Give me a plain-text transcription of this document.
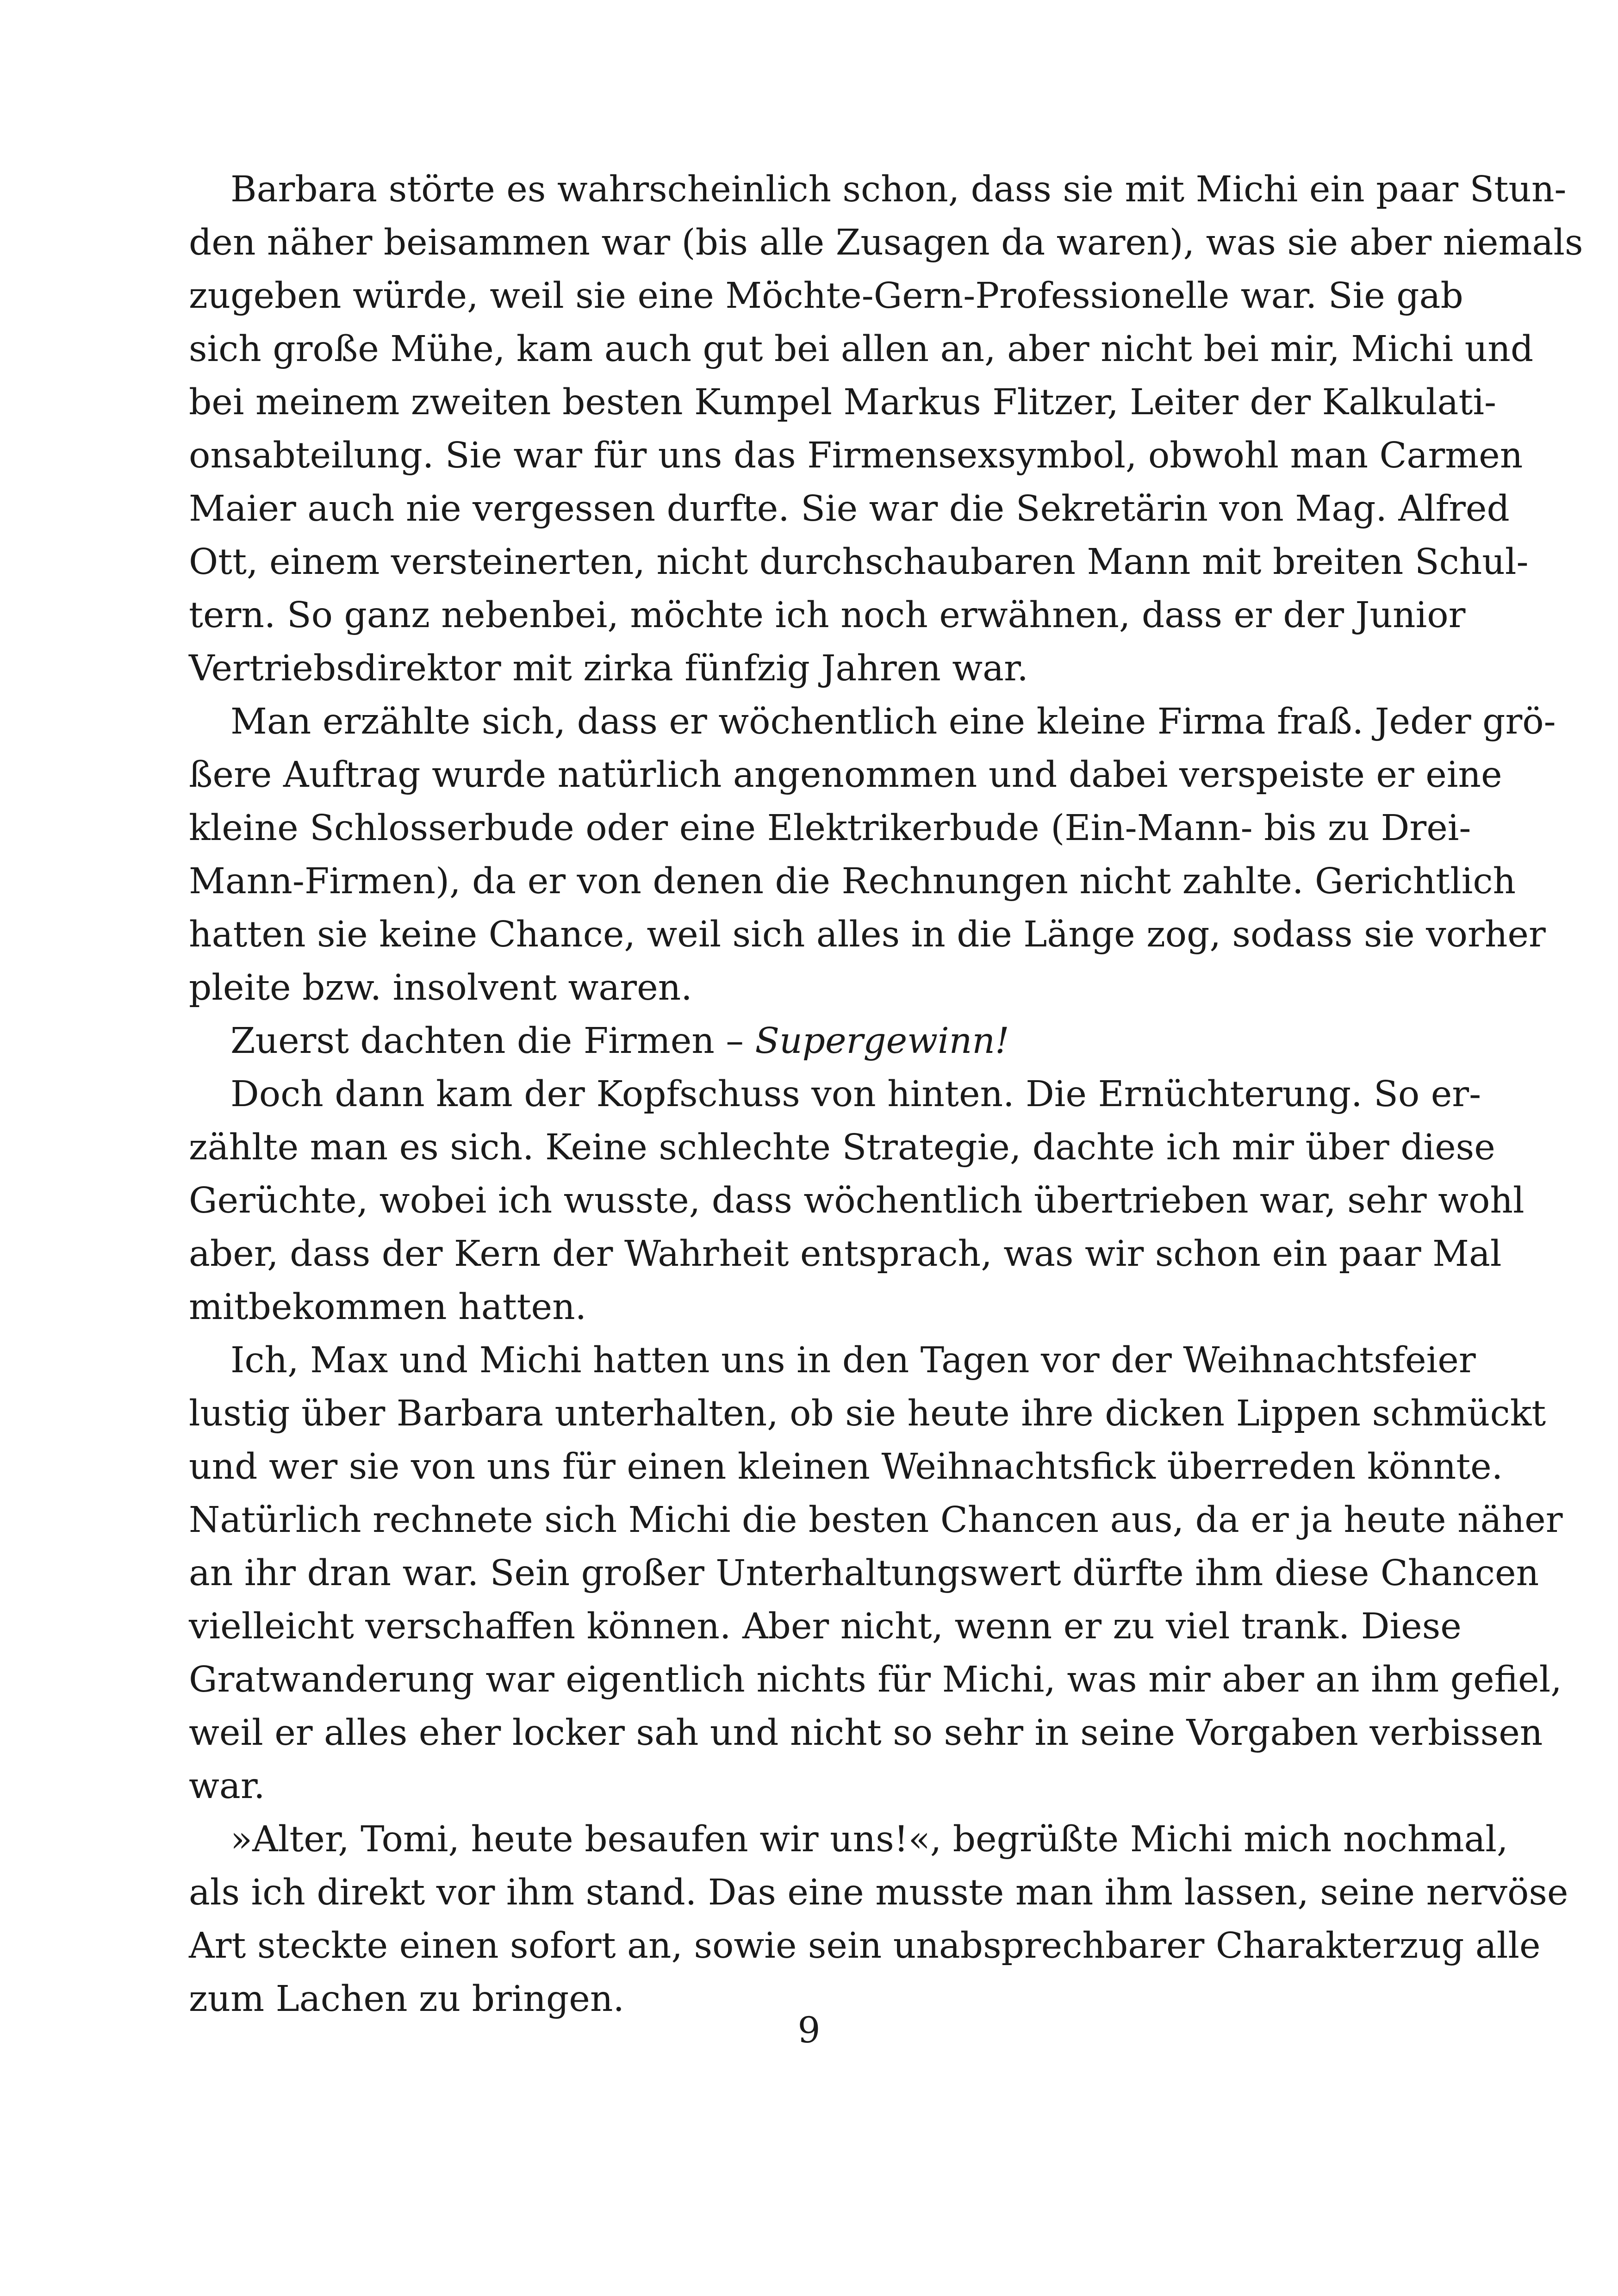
Barbara störte es wahrscheinlich schon, dass sie mit Michi ein paar Stun-
den näher beisammen war (bis alle Zusagen da waren), was sie aber niemals
zugeben würde, weil sie eine Möchte-Gern-Professionelle war. Sie gab
sich große Mühe, kam auch gut bei allen an, aber nicht bei mir, Michi und
bei meinem zweiten besten Kumpel Markus Flitzer, Leiter der Kalkulati-
onsabteilung. Sie war für uns das Firmensexsymbol, obwohl man Carmen
Maier auch nie vergessen durfte. Sie war die Sekretärin von Mag. Alfred
Ott, einem versteinerten, nicht durchschaubaren Mann mit breiten Schul-
tern. So ganz nebenbei, möchte ich noch erwähnen, dass er der Junior
Vertriebsdirektor mit zirka fünfzig Jahren war.
Man erzählte sich, dass er wöchentlich eine kleine Firma fraß. Jeder grö-
ßere Auftrag wurde natürlich angenommen und dabei verspeiste er eine
kleine Schlosserbude oder eine Elektrikerbude (Ein-Mann- bis zu Drei-
Mann-Firmen), da er von denen die Rechnungen nicht zahlte. Gerichtlich
hatten sie keine Chance, weil sich alles in die Länge zog, sodass sie vorher
pleite bzw. insolvent waren.
Zuerst dachten die Firmen – Supergewinn!
Doch dann kam der Kopfschuss von hinten. Die Ernüchterung. So er-
zählte man es sich. Keine schlechte Strategie, dachte ich mir über diese
Gerüchte, wobei ich wusste, dass wöchentlich übertrieben war, sehr wohl
aber, dass der Kern der Wahrheit entsprach, was wir schon ein paar Mal
mitbekommen hatten.
Ich, Max und Michi hatten uns in den Tagen vor der Weihnachtsfeier
lustig über Barbara unterhalten, ob sie heute ihre dicken Lippen schmückt
und wer sie von uns für einen kleinen Weihnachtsfick überreden könnte.
Natürlich rechnete sich Michi die besten Chancen aus, da er ja heute näher
an ihr dran war. Sein großer Unterhaltungswert dürfte ihm diese Chancen
vielleicht verschaffen können. Aber nicht, wenn er zu viel trank. Diese
Gratwanderung war eigentlich nichts für Michi, was mir aber an ihm gefiel,
weil er alles eher locker sah und nicht so sehr in seine Vorgaben verbissen
war.
»Alter, Tomi, heute besaufen wir uns!«, begrüßte Michi mich nochmal,
als ich direkt vor ihm stand. Das eine musste man ihm lassen, seine nervöse
Art steckte einen sofort an, sowie sein unabsprechbarer Charakterzug alle
zum Lachen zu bringen.
9
